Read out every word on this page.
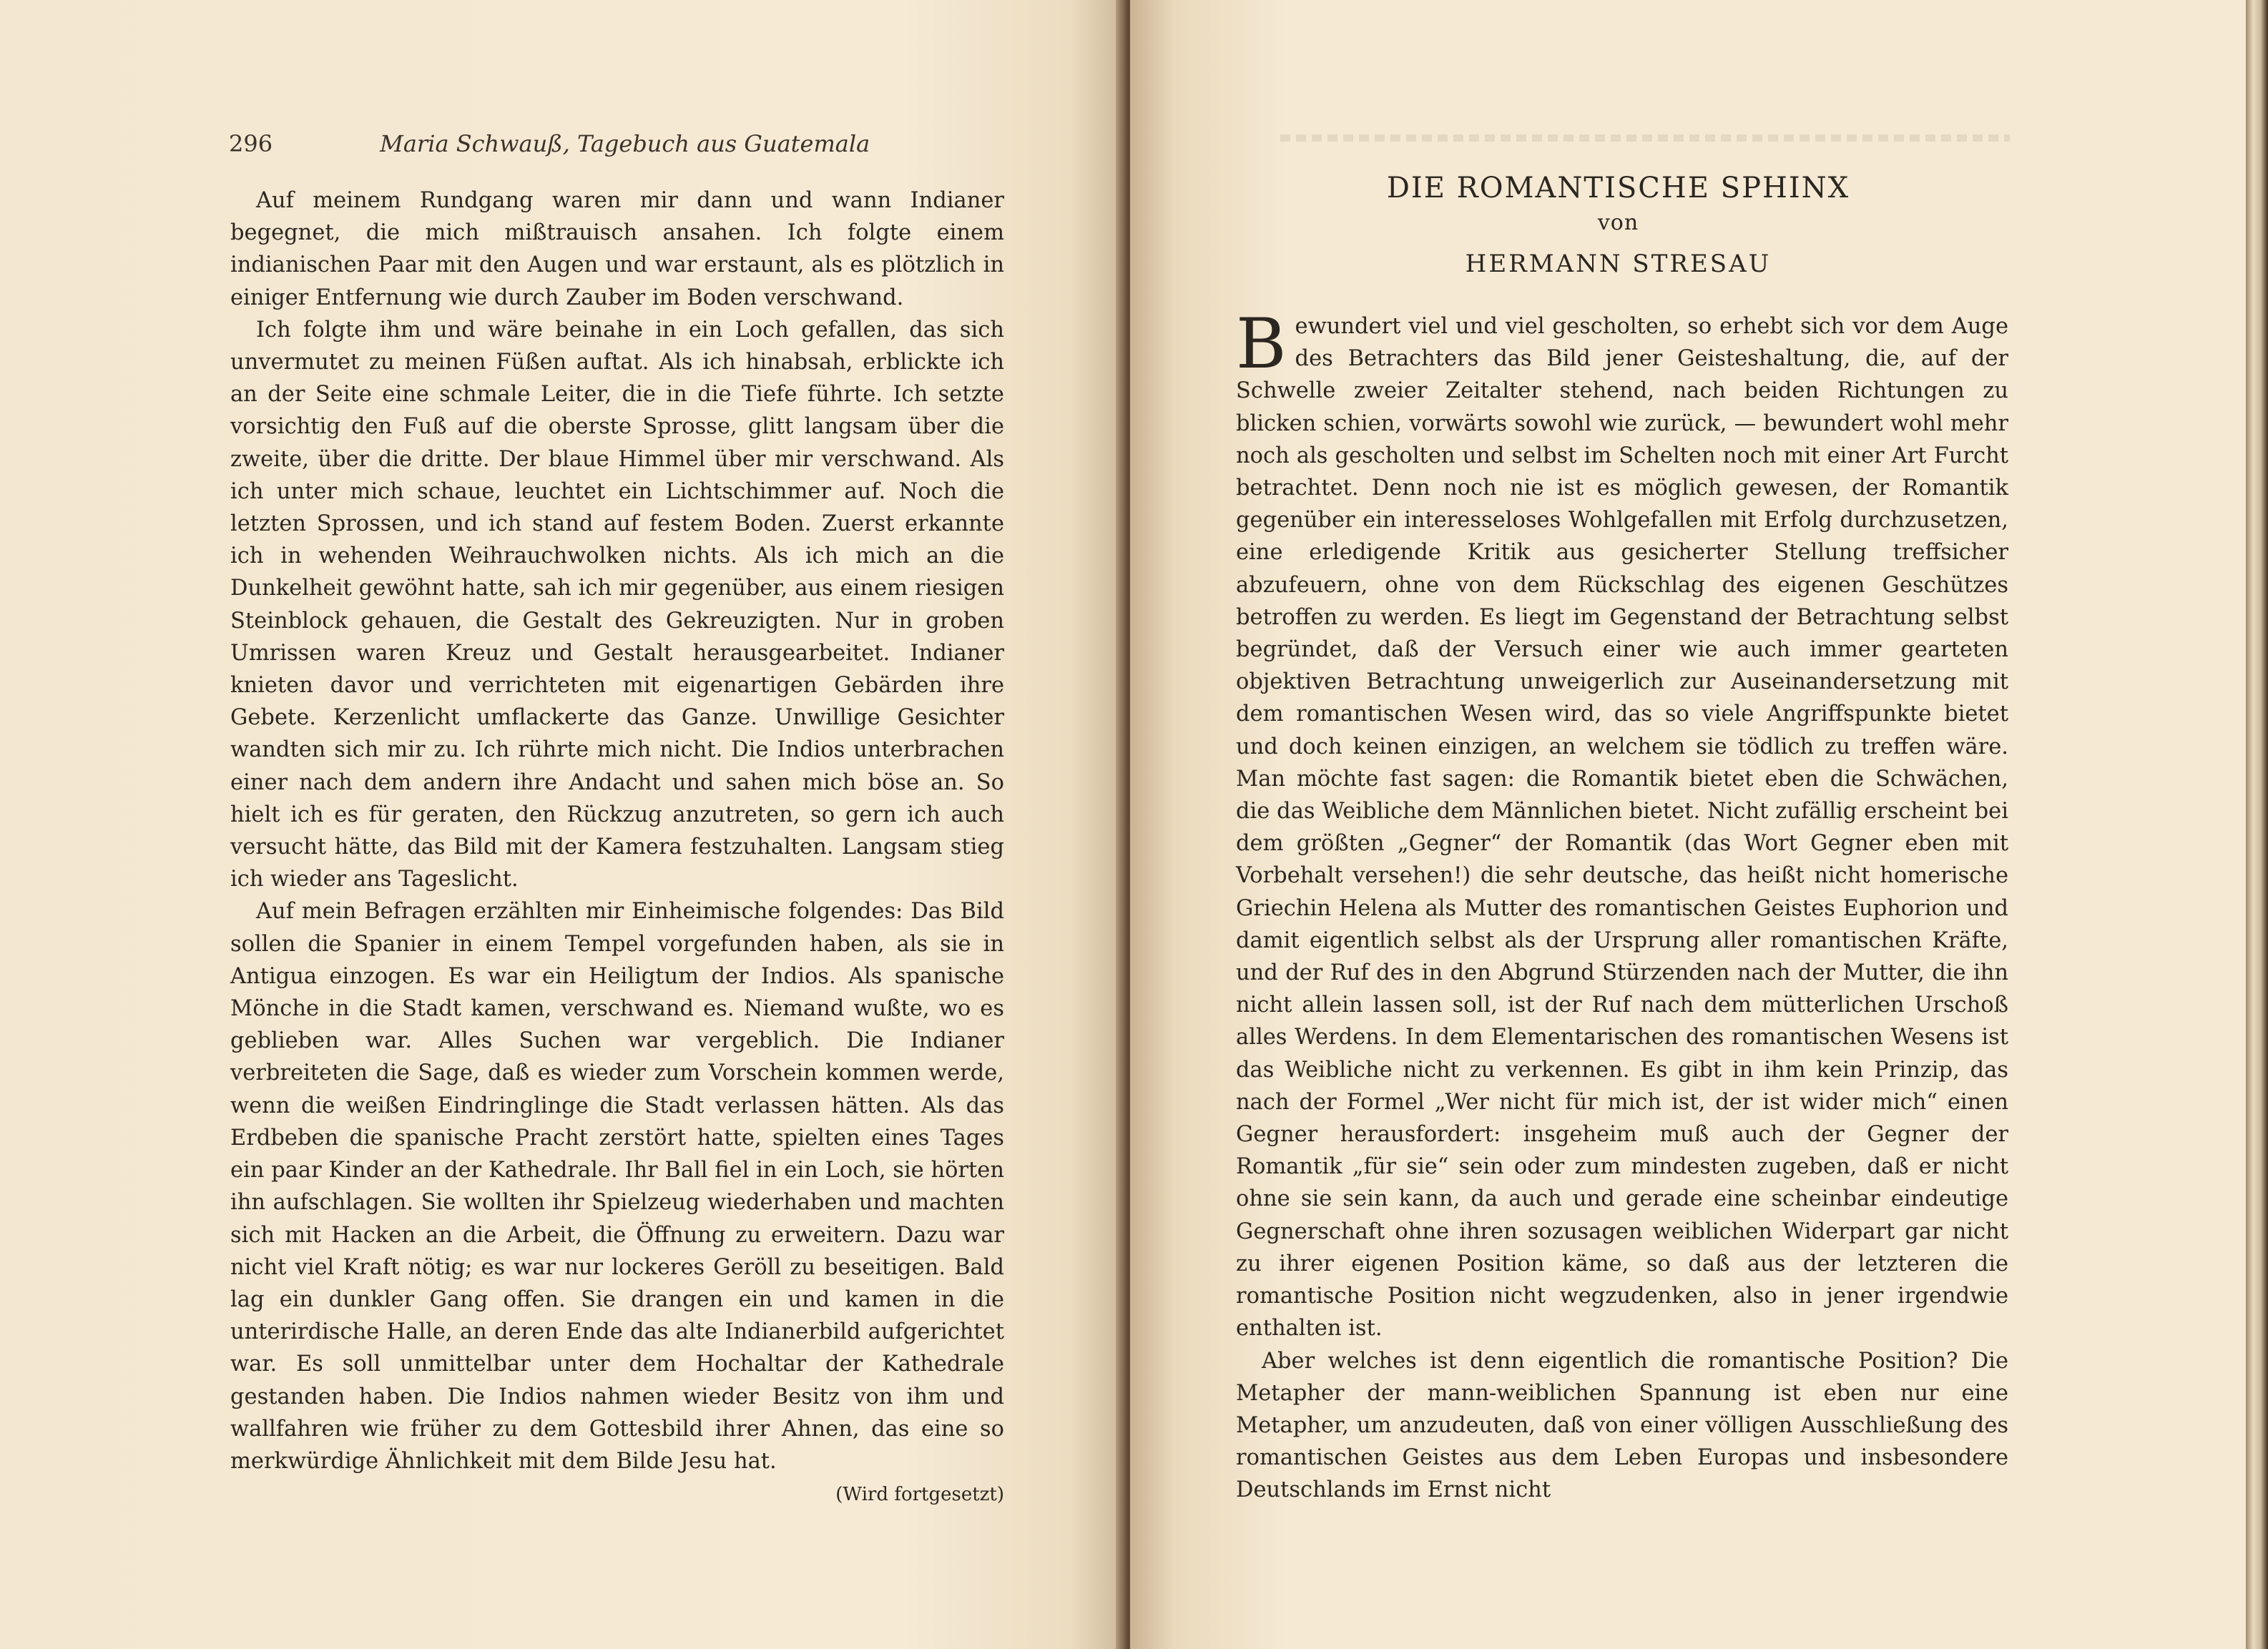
296	Maria Schwauß, Tagebuch aus Guatemala

Auf meinem Rundgang waren mir dann und wann Indianer begegnet, die mich mißtrauisch ansahen. Ich folgte einem indianischen Paar mit den Augen und war erstaunt, als es plötzlich in einiger Entfernung wie durch Zauber im Boden verschwand.

Ich folgte ihm und wäre beinahe in ein Loch gefallen, das sich unvermutet zu meinen Füßen auftat. Als ich hinabsah, erblickte ich an der Seite eine schmale Leiter, die in die Tiefe führte. Ich setzte vorsichtig den Fuß auf die oberste Sprosse, glitt langsam über die zweite, über die dritte. Der blaue Himmel über mir verschwand. Als ich unter mich schaue, leuchtet ein Lichtschimmer auf. Noch die letzten Sprossen, und ich stand auf festem Boden. Zuerst erkannte ich in wehenden Weihrauchwolken nichts. Als ich mich an die Dunkelheit gewöhnt hatte, sah ich mir gegenüber, aus einem riesigen Steinblock gehauen, die Gestalt des Gekreuzigten. Nur in groben Umrissen waren Kreuz und Gestalt herausgearbeitet. Indianer knieten davor und verrichteten mit eigenartigen Gebärden ihre Gebete. Kerzenlicht umflackerte das Ganze. Unwillige Gesichter wandten sich mir zu. Ich rührte mich nicht. Die Indios unterbrachen einer nach dem andern ihre Andacht und sahen mich böse an. So hielt ich es für geraten, den Rückzug anzutreten, so gern ich auch versucht hätte, das Bild mit der Kamera festzuhalten. Langsam stieg ich wieder ans Tageslicht.

Auf mein Befragen erzählten mir Einheimische folgendes: Das Bild sollen die Spanier in einem Tempel vorgefunden haben, als sie in Antigua einzogen. Es war ein Heiligtum der Indios. Als spanische Mönche in die Stadt kamen, verschwand es. Niemand wußte, wo es geblieben war. Alles Suchen war vergeblich. Die Indianer verbreiteten die Sage, daß es wieder zum Vorschein kommen werde, wenn die weißen Eindringlinge die Stadt verlassen hätten. Als das Erdbeben die spanische Pracht zerstört hatte, spielten eines Tages ein paar Kinder an der Kathedrale. Ihr Ball fiel in ein Loch, sie hörten ihn aufschlagen. Sie wollten ihr Spielzeug wiederhaben und machten sich mit Hacken an die Arbeit, die Öffnung zu erweitern. Dazu war nicht viel Kraft nötig; es war nur lockeres Geröll zu beseitigen. Bald lag ein dunkler Gang offen. Sie drangen ein und kamen in die unterirdische Halle, an deren Ende das alte Indianerbild aufgerichtet war. Es soll unmittelbar unter dem Hochaltar der Kathedrale gestanden haben. Die Indios nahmen wieder Besitz von ihm und wallfahren wie früher zu dem Gottesbild ihrer Ahnen, das eine so merkwürdige Ähnlichkeit mit dem Bilde Jesu hat.

(Wird fortgesetzt)
DIE ROMANTISCHE SPHINX
von
HERMANN STRESAU

Bewundert viel und viel gescholten, so erhebt sich vor dem Auge des Betrachters das Bild jener Geisteshaltung, die, auf der Schwelle zweier Zeitalter stehend, nach beiden Richtungen zu blicken schien, vorwärts sowohl wie zurück, — bewundert wohl mehr noch als gescholten und selbst im Schelten noch mit einer Art Furcht betrachtet. Denn noch nie ist es möglich gewesen, der Romantik gegenüber ein interesseloses Wohlgefallen mit Erfolg durchzusetzen, eine erledigende Kritik aus gesicherter Stellung treffsicher abzufeuern, ohne von dem Rückschlag des eigenen Geschützes betroffen zu werden. Es liegt im Gegenstand der Betrachtung selbst begründet, daß der Versuch einer wie auch immer gearteten objektiven Betrachtung unweigerlich zur Auseinandersetzung mit dem romantischen Wesen wird, das so viele Angriffspunkte bietet und doch keinen einzigen, an welchem sie tödlich zu treffen wäre. Man möchte fast sagen: die Romantik bietet eben die Schwächen, die das Weibliche dem Männlichen bietet. Nicht zufällig erscheint bei dem größten „Gegner“ der Romantik (das Wort Gegner eben mit Vorbehalt versehen!) die sehr deutsche, das heißt nicht homerische Griechin Helena als Mutter des romantischen Geistes Euphorion und damit eigentlich selbst als der Ursprung aller romantischen Kräfte, und der Ruf des in den Abgrund Stürzenden nach der Mutter, die ihn nicht allein lassen soll, ist der Ruf nach dem mütterlichen Urschoß alles Werdens. In dem Elementarischen des romantischen Wesens ist das Weibliche nicht zu verkennen. Es gibt in ihm kein Prinzip, das nach der Formel „Wer nicht für mich ist, der ist wider mich“ einen Gegner herausfordert: insgeheim muß auch der Gegner der Romantik „für sie“ sein oder zum mindesten zugeben, daß er nicht ohne sie sein kann, da auch und gerade eine scheinbar eindeutige Gegnerschaft ohne ihren sozusagen weiblichen Widerpart gar nicht zu ihrer eigenen Position käme, so daß aus der letzteren die romantische Position nicht wegzudenken, also in jener irgendwie enthalten ist.

Aber welches ist denn eigentlich die romantische Position? Die Metapher der mann-weiblichen Spannung ist eben nur eine Metapher, um anzudeuten, daß von einer völligen Ausschließung des romantischen Geistes aus dem Leben Europas und insbesondere Deutschlands im Ernst nicht
